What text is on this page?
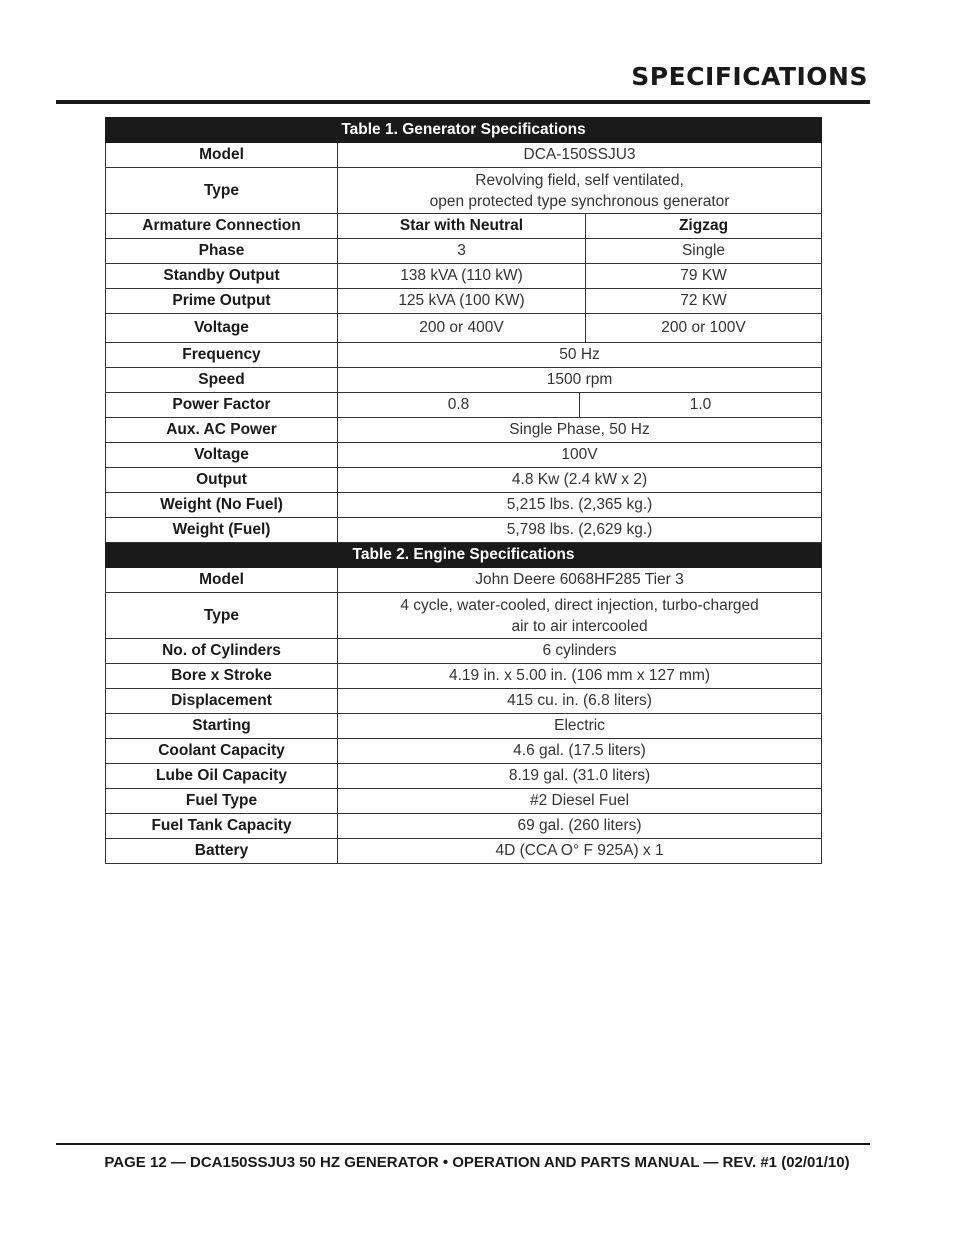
SPECIFICATIONS
Table 1. Generator Specifications			
Model	DCA-150SSJU3		
Type	Revolving field, self ventilated,
open protected type synchronous generator		

Armature Connection	Star with Neutral		Zigzag
Phase	3		Single
Standby Output	138 kVA (110 kW)		79 KW
Prime Output	125 kVA (100 KW)		72 KW
Voltage	200 or 400V		200 or 100V
Frequency	50 Hz		
Speed	1500 rpm		
Power Factor	0.8	1.0	
Aux. AC Power	Single Phase, 50 Hz		
Voltage	100V		
Output	4.8 Kw (2.4 kW x 2)		
Weight (No Fuel)	5,215 lbs. (2,365 kg.)		
Weight (Fuel)	5,798 lbs. (2,629 kg.)		
Table 2. Engine Specifications			
Model	John Deere 6068HF285 Tier 3		
Type	4 cycle, water-cooled, direct injection, turbo-charged
air to air intercooled		

No. of Cylinders	6 cylinders		
Bore x Stroke	4.19 in. x 5.00 in. (106 mm x 127 mm)		
Displacement	415 cu. in. (6.8 liters)		
Starting	Electric		
Coolant Capacity	4.6 gal. (17.5 liters)		
Lube Oil Capacity	8.19 gal. (31.0 liters)		
Fuel Type	#2 Diesel Fuel		
Fuel Tank Capacity	69 gal. (260 liters)		
Battery	4D (CCA O° F 925A) x 1		
PAGE 12 — DCA150SSJU3 50 HZ GENERATOR • OPERATION AND PARTS MANUAL — REV. #1 (02/01/10)
